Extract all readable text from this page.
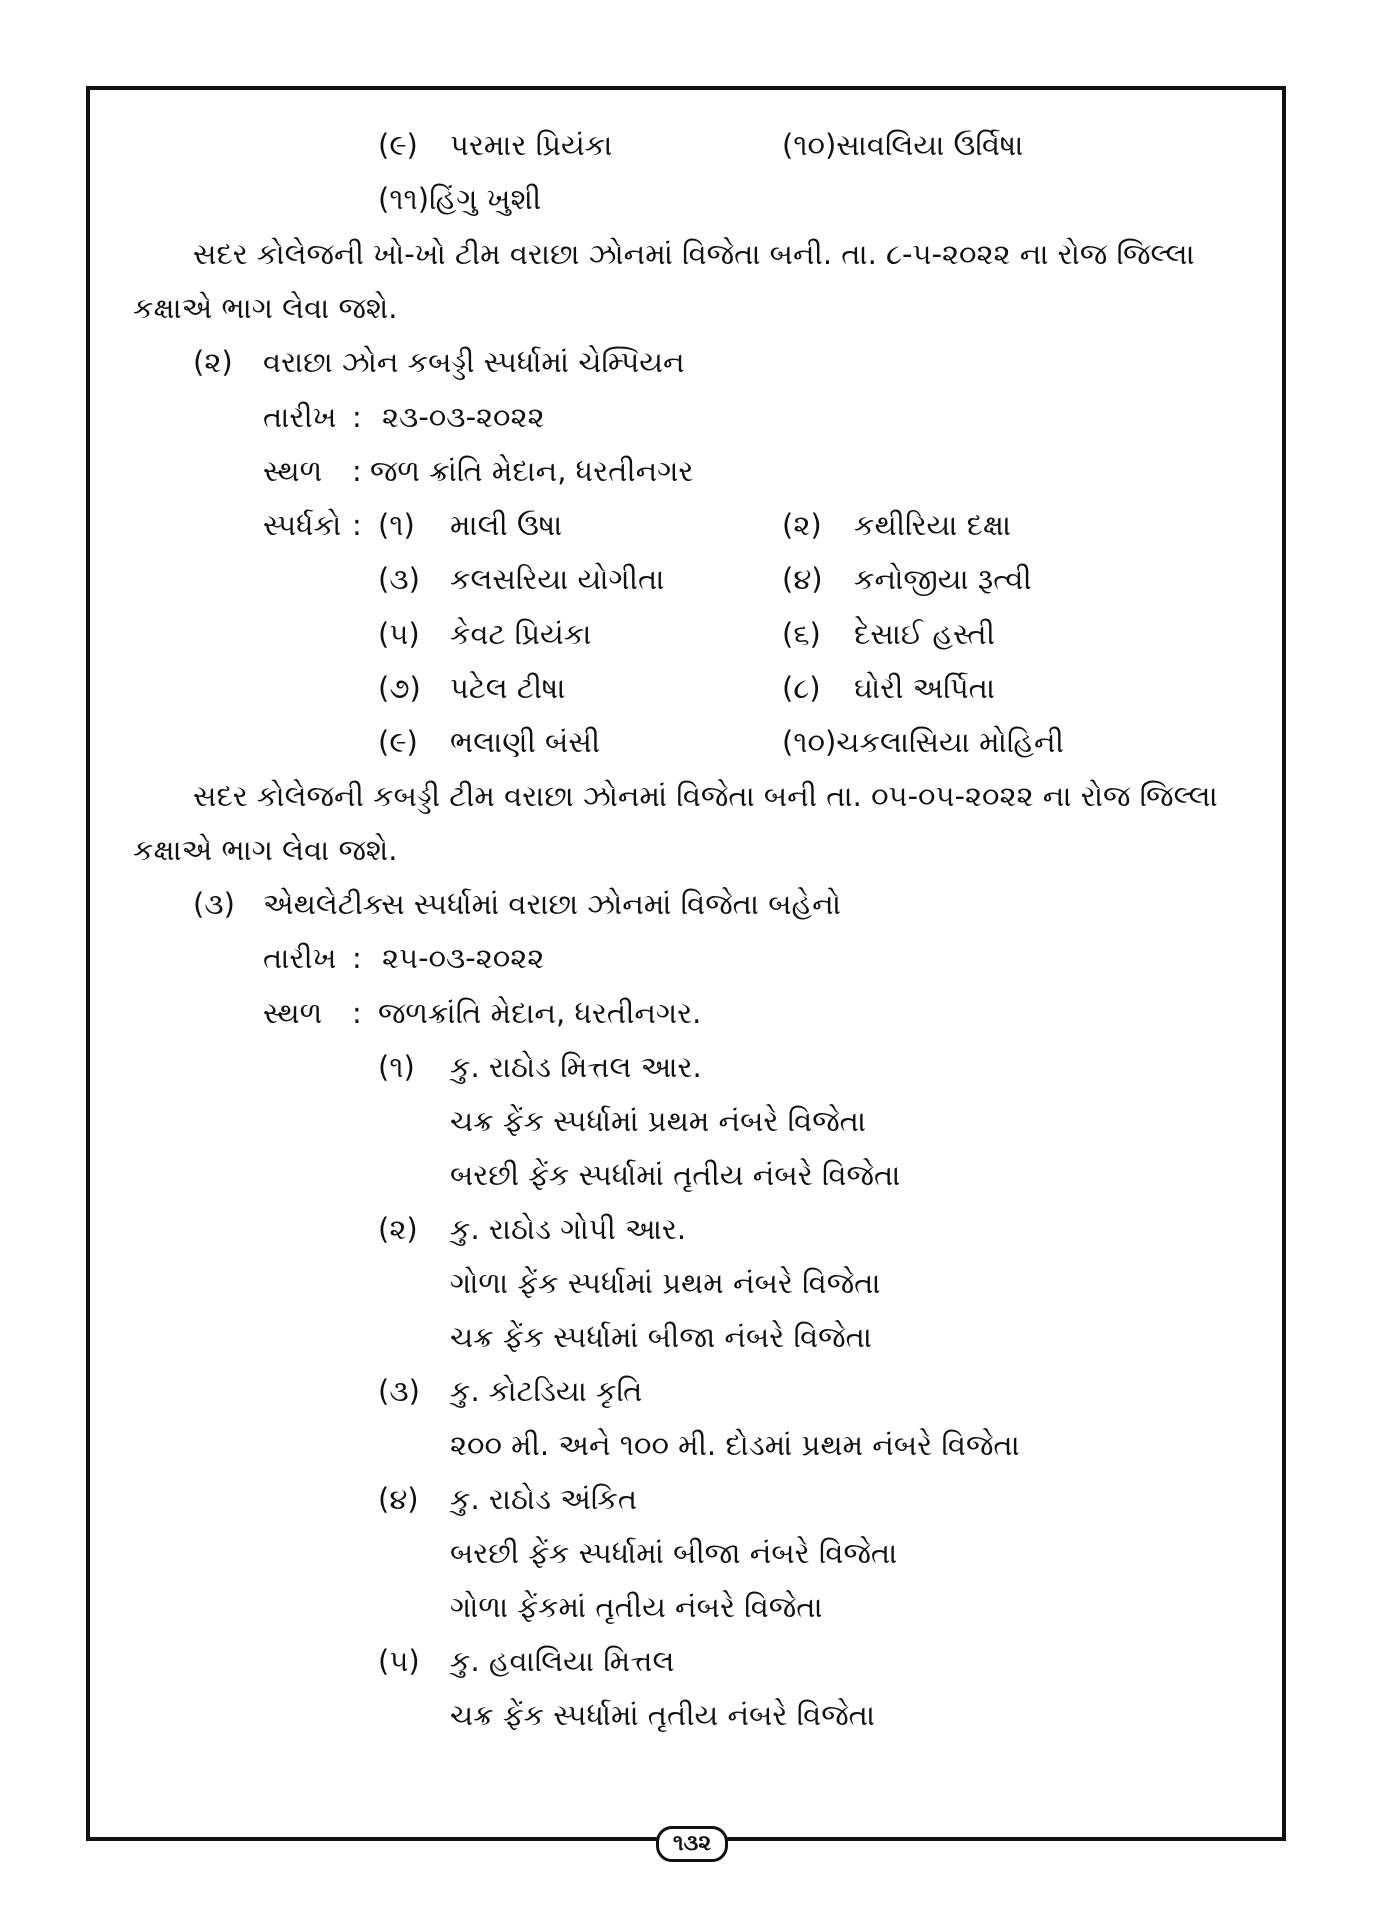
(૯) પરમાર પ્રિયંકા	(૧૦)સાવલિયા ઉર્વિષા
(૧૧)હિંગુ ખુશી
સદર કોલેજની ખો-ખો ટીમ વરાછા ઝોનમાં વિજેતા બની. તા. ૮-૫-૨૦૨૨ ના રોજ જિલ્લા
કક્ષાએ ભાગ લેવા જશે.
(૨) વરાછા ઝોન કબડ્ડી સ્પર્ધામાં ચેમ્પિયન
તારીખ : ૨૩-૦૩-૨૦૨૨
સ્થળ : જળ ક્રાંતિ મેદાન, ધરતીનગર
સ્પર્ધકો : (૧) માલી ઉષા	(૨) કથીરિયા દક્ષા
(૩) કલસરિયા યોગીતા	(૪) કનોજીયા રૂત્વી
(૫) કેવટ પ્રિયંકા	(૬) દેસાઈ હસ્તી
(૭) પટેલ ટીષા	(૮) ઘોરી અર્પિતા
(૯) ભલાણી બંસી	(૧૦)ચકલાસિયા મોહિની
સદર કોલેજની કબડ્ડી ટીમ વરાછા ઝોનમાં વિજેતા બની તા. ૦૫-૦૫-૨૦૨૨ ના રોજ જિલ્લા
કક્ષાએ ભાગ લેવા જશે.
(૩) એથલેટીક્સ સ્પર્ધામાં વરાછા ઝોનમાં વિજેતા બહેનો
તારીખ : ૨૫-૦૩-૨૦૨૨
સ્થળ : જળક્રાંતિ મેદાન, ધરતીનગર.
(૧) કુ. રાઠોડ મિત્તલ આર.
ચક્ર ફેંક સ્પર્ધામાં પ્રથમ નંબરે વિજેતા
બરછી ફેંક સ્પર્ધામાં તૃતીય નંબરે વિજેતા
(૨) કુ. રાઠોડ ગોપી આર.
ગોળા ફેંક સ્પર્ધામાં પ્રથમ નંબરે વિજેતા
ચક્ર ફેંક સ્પર્ધામાં બીજા નંબરે વિજેતા
(૩) કુ. કોટડિયા કૃતિ
૨૦૦ મી. અને ૧૦૦ મી. દોડમાં પ્રથમ નંબરે વિજેતા
(૪) કુ. રાઠોડ અંકિત
બરછી ફેંક સ્પર્ધામાં બીજા નંબરે વિજેતા
ગોળા ફેંકમાં તૃતીય નંબરે વિજેતા
(૫) કુ. હવાલિયા મિત્તલ
ચક્ર ફેંક સ્પર્ધામાં તૃતીય નંબરે વિજેતા
૧૩૨
